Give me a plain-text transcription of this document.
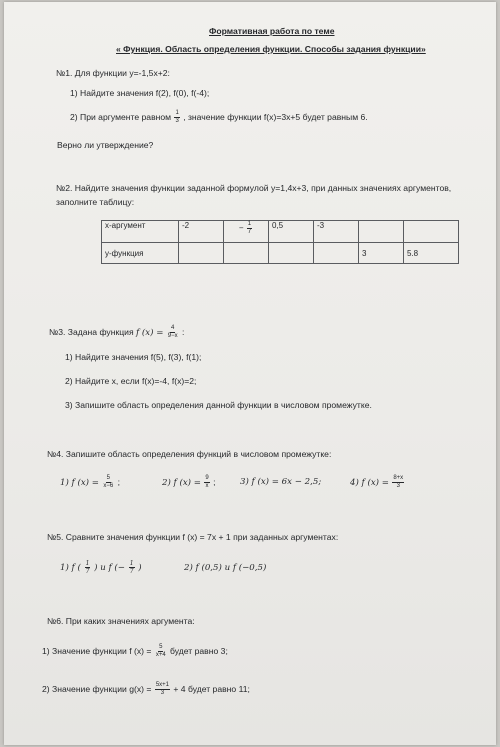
Формативная работа по теме
« Функция. Область определения функции. Способы задания функции»
№1. Для функции у=-1,5х+2:
1) Найдите значения f(2), f(0), f(-4);
2) При аргументе равном $\frac{1}{3}$ , значение функции f(x)=3x+5 будет равным 6.
Верно ли утверждение?
№2. Найдите значения функции заданной формулой у=1,4х+3, при данных значениях аргументов,
заполните таблицу:
х-аргумент	-2	− $\frac{1}{7}$	0,5	-3		
у-функция					3	5.8
№3. Задана функция f $(x) = \frac{4}{9-x}$ :
1) Найдите значения f(5), f(3), f(1);
2) Найдите х, если f(x)=-4, f(x)=2;
3) Запишите область определения данной функции в числовом промежутке.
№4. Запишите область определения функций в числовом промежутке:
1) f $(x) = \frac{5}{x-6}$ ;	2) f $(x) = \frac{9}{x}$ ;	3) f (x) = 6x − 2,5;	4) f $(x) = \frac{8+x}{3}$
№5. Сравните значения функции f (x) = 7x + 1 при заданных аргументах:
1) f ( $\frac{1}{7}$ ) и f (− $\frac{1}{7}$ )	2) f (0,5) и f (−0,5)
№6. При каких значениях аргумента:
1) Значение функции f $(x) = \frac{5}{x+4}$ будет равно 3;
2) Значение функции $g(x) = \frac{5x+1}{3} + 4$ будет равно 11;
